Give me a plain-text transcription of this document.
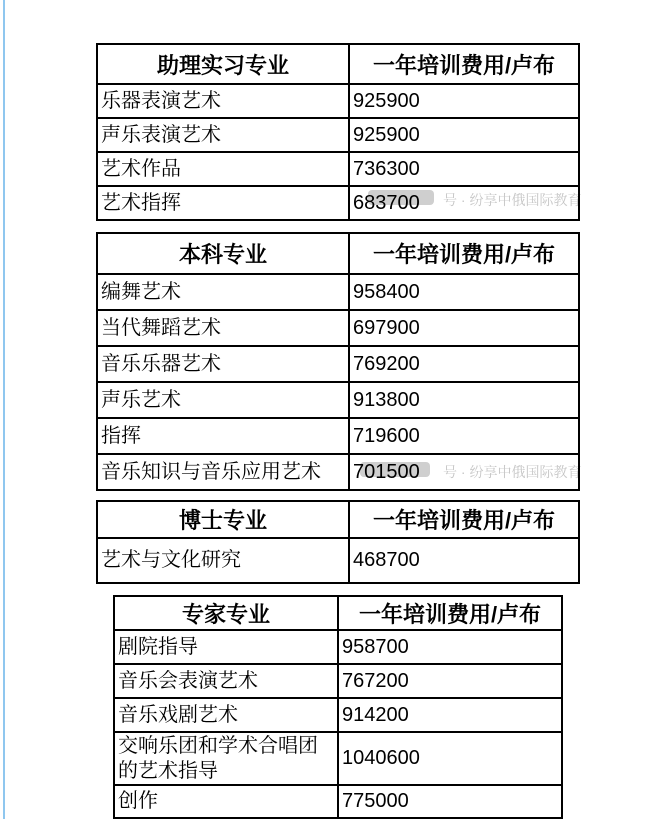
号 · 纷享中俄国际教育
号 · 纷享中俄国际教育
助理实习专业	一年培训费用/卢布
乐器表演艺术	925900
声乐表演艺术	925900
艺术作品	736300
艺术指挥	683700
本科专业	一年培训费用/卢布
编舞艺术	958400
当代舞蹈艺术	697900
音乐乐器艺术	769200
声乐艺术	913800
指挥	719600
音乐知识与音乐应用艺术	701500
博士专业	一年培训费用/卢布
艺术与文化研究	468700
专家专业	一年培训费用/卢布
剧院指导	958700
音乐会表演艺术	767200
音乐戏剧艺术	914200
交响乐团和学术合唱团的艺术指导	1040600
创作	775000
